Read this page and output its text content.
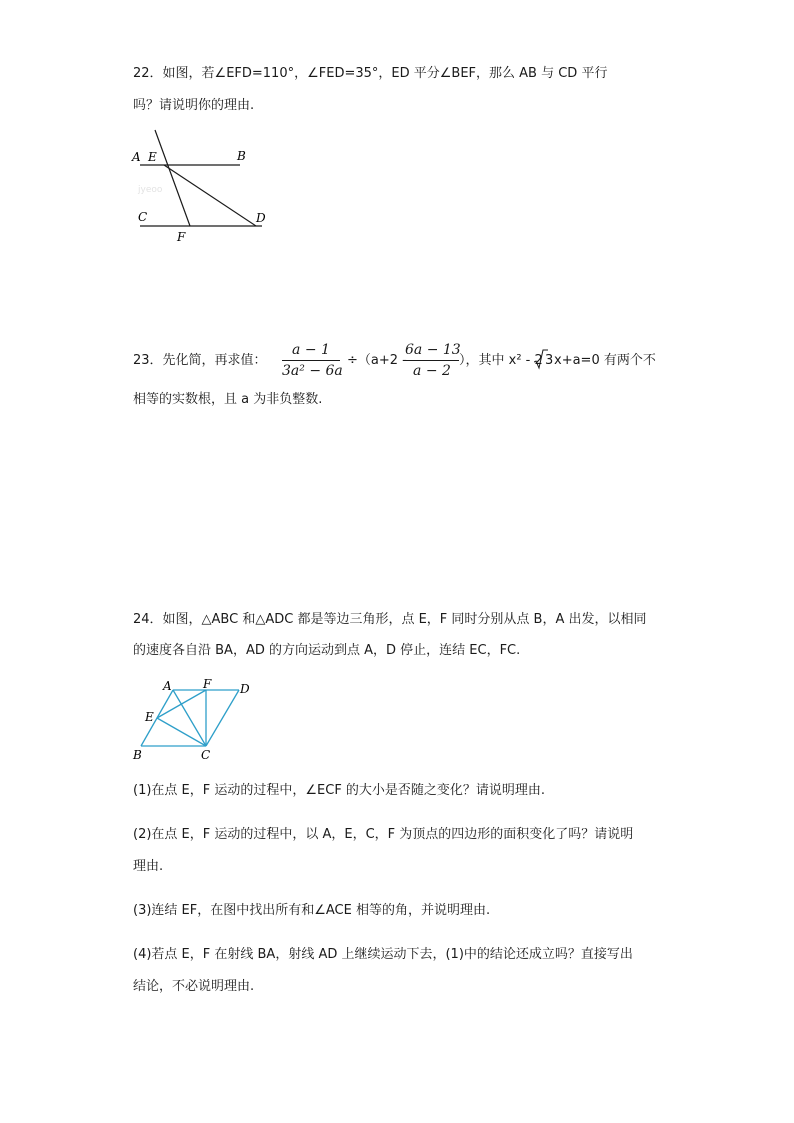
22．如图，若∠EFD=110°，∠FED=35°，ED 平分∠BEF，那么 AB 与 CD 平行
吗？请说明你的理由.
jyeoo
A E	B
C	D
F
23．先化简，再求值：
a − 1
3a² − 6a
÷（a+2 -
6a − 13
a − 2
），其中 x² - 2 3 x+a=0 有两个不
相等的实数根，且 a 为非负整数.
24．如图，△ABC 和△ADC 都是等边三角形，点 E，F 同时分别从点 B，A 出发，以相同
的速度各自沿 BA，AD 的方向运动到点 A，D 停止，连结 EC，FC.
A	F D
E
B	C
(1)在点 E，F 运动的过程中，∠ECF 的大小是否随之变化？请说明理由.
(2)在点 E，F 运动的过程中，以 A，E，C，F 为顶点的四边形的面积变化了吗？请说明
理由.
(3)连结 EF，在图中找出所有和∠ACE 相等的角，并说明理由.
(4)若点 E，F 在射线 BA，射线 AD 上继续运动下去，(1)中的结论还成立吗？直接写出
结论，不必说明理由.
